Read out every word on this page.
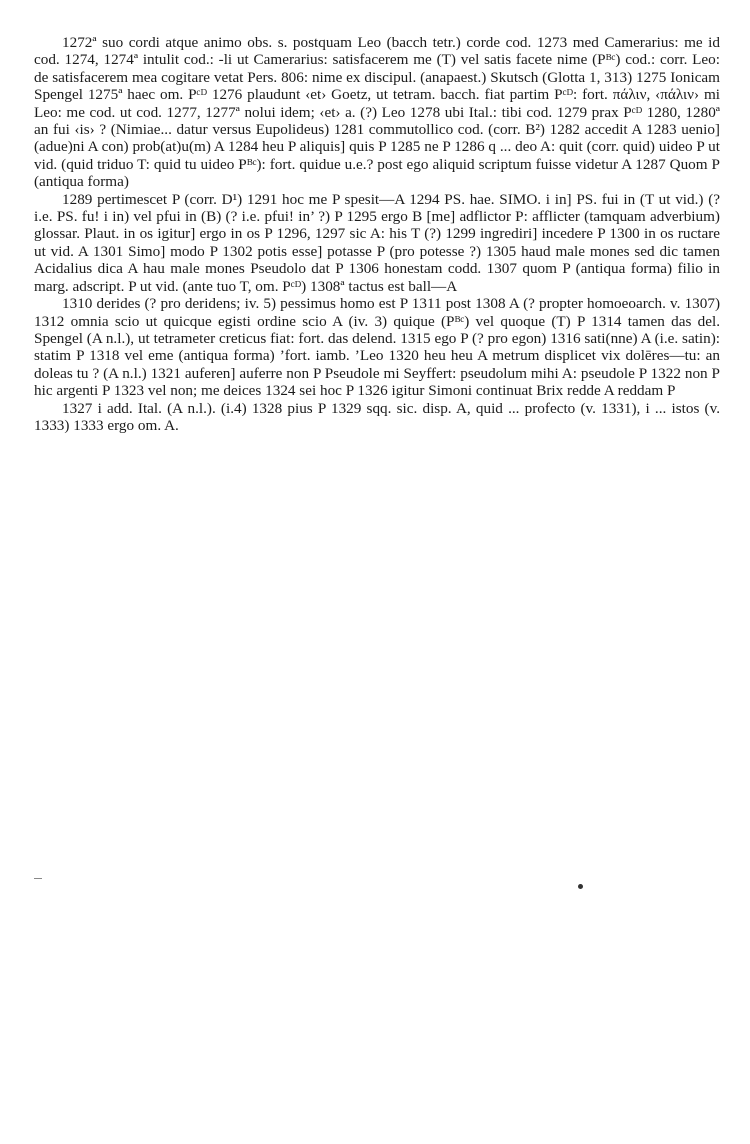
1272ª suo cordi atque animo obs. s. postquam Leo (bacch tetr.) corde cod. 1273 med Camerarius: me id cod. 1274, 1274ª intulit cod.: -li ut Camerarius: satisfacerem me (T) vel satis facete nime (Pᴮᶜ) cod.: corr. Leo: de satisfacerem mea cogitare vetat Pers. 806: nime ex discipul. (anapaest.) Skutsch (Glotta 1, 313) 1275 Ionicam Spengel 1275ª haec om. Pᶜᴰ 1276 plaudunt ‹et› Goetz, ut tetram. bacch. fiat partim Pᶜᴰ: fort. πάλιν, ‹πάλιν› mi Leo: me cod. ut cod. 1277, 1277ª nolui idem; ‹et› a. (?) Leo 1278 ubi Ital.: tibi cod. 1279 prax Pᶜᴰ 1280, 1280ª an fui ‹is› ? (Nimiae... datur versus Eupolideus) 1281 commutollico cod. (corr. B²) 1282 accedit A 1283 uenio] (adue)ni A con) prob(at)u(m) A 1284 heu P aliquis] quis P 1285 ne P 1286 q ... deo A: quit (corr. quid) uideo P ut vid. (quid triduo T: quid tu uideo Pᴮᶜ): fort. quidue u.e.? post ego aliquid scriptum fuisse videtur A 1287 Quom P (antiqua forma)

1289 pertimescet P (corr. D¹) 1291 hoc me P spesit—A 1294 PS. hae. SIMO. i in] PS. fui in (T ut vid.) (? i.e. PS. fu! i in) vel pfui in (B) (? i.e. pfui! in’ ?) P 1295 ergo B [me] adflictor P: afflicter (tamquam adverbium) glossar. Plaut. in os igitur] ergo in os P 1296, 1297 sic A: his T (?) 1299 ingrediri] incedere P 1300 in os ructare ut vid. A 1301 Simo] modo P 1302 potis esse] potasse P (pro potesse ?) 1305 haud male mones sed dic tamen Acidalius dica A hau male mones Pseudolo dat P 1306 honestam codd. 1307 quom P (antiqua forma) filio in marg. adscript. P ut vid. (ante tuo T, om. Pᶜᴰ) 1308ª tactus est ball—A

1310 derides (? pro deridens; iv. 5) pessimus homo est P 1311 post 1308 A (? propter homoeoarch. v. 1307) 1312 omnia scio ut quicque egisti ordine scio A (iv. 3) quique (Pᴮᶜ) vel quoque (T) P 1314 tamen das del. Spengel (A n.l.), ut tetrameter creticus fiat: fort. das delend. 1315 ego P (? pro egon) 1316 sati(nne) A (i.e. satin): statim P 1318 vel eme (antiqua forma) ’fort. iamb. ’Leo 1320 heu heu A metrum displicet vix dolēres—tu: an doleas tu ? (A n.l.) 1321 auferen] auferre non P Pseudole mi Seyffert: pseudolum mihi A: pseudole P 1322 non P hic argenti P 1323 vel non; me deices 1324 sei hoc P 1326 igitur Simoni continuat Brix redde A reddam P

1327 i add. Ital. (A n.l.). (i.4) 1328 pius P 1329 sqq. sic. disp. A, quid ... profecto (v. 1331), i ... istos (v. 1333) 1333 ergo om. A.
